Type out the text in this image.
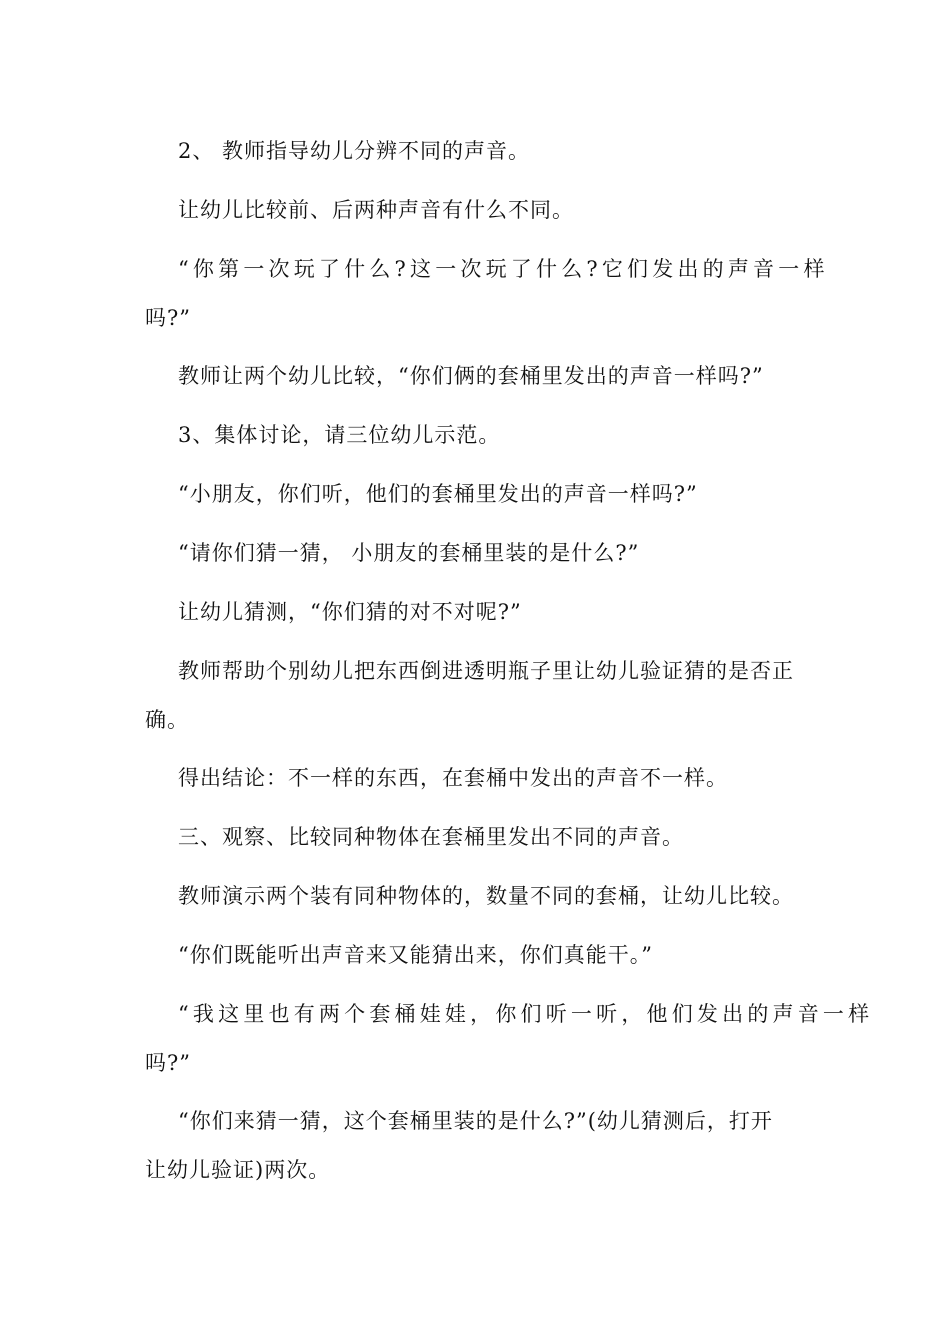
2、 教师指导幼儿分辨不同的声音。
让幼儿比较前、后两种声音有什么不同。
“你第一次玩了什么?这一次玩了什么?它们发出的声音一样
吗?”
教师让两个幼儿比较，“你们俩的套桶里发出的声音一样吗?”
3、集体讨论，请三位幼儿示范。
“小朋友，你们听，他们的套桶里发出的声音一样吗?”
“请你们猜一猜， 小朋友的套桶里装的是什么?”
让幼儿猜测，“你们猜的对不对呢?”
教师帮助个别幼儿把东西倒进透明瓶子里让幼儿验证猜的是否正
确。
得出结论：不一样的东西，在套桶中发出的声音不一样。
三、观察、比较同种物体在套桶里发出不同的声音。
教师演示两个装有同种物体的，数量不同的套桶，让幼儿比较。
“你们既能听出声音来又能猜出来，你们真能干。”
“我这里也有两个套桶娃娃，你们听一听，他们发出的声音一样
吗?”
“你们来猜一猜，这个套桶里装的是什么?”(幼儿猜测后，打开
让幼儿验证)两次。
